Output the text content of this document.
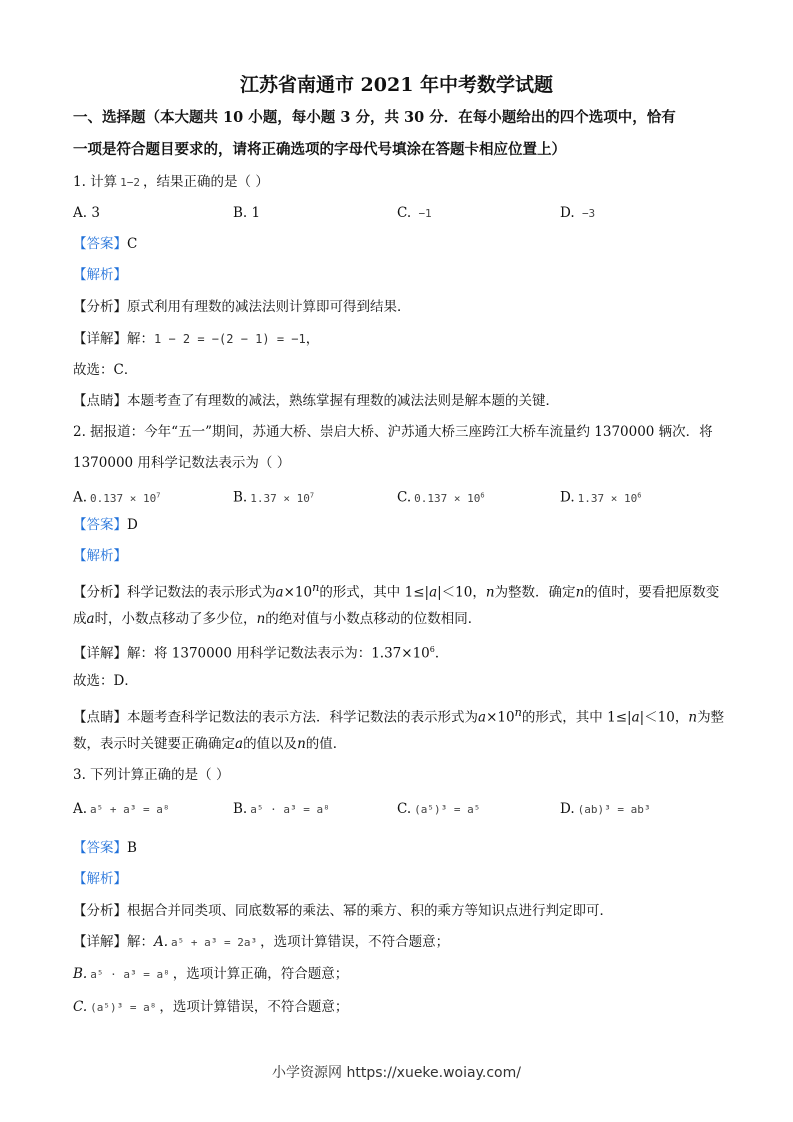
江苏省南通市 2021 年中考数学试题
一、选择题（本大题共 10 小题，每小题 3 分，共 30 分．在每小题给出的四个选项中，恰有
一项是符合题目要求的，请将正确选项的字母代号填涂在答题卡相应位置上）
1. 计算 1−2 ，结果正确的是（ ）
A. 3	B. 1	C. −1	D. −3
【答案】C
【解析】
【分析】原式利用有理数的减法法则计算即可得到结果．
【详解】解：1 − 2 = −(2 − 1) = −1，
故选：C．
【点睛】本题考查了有理数的减法，熟练掌握有理数的减法法则是解本题的关键．
2. 据报道：今年“五一”期间，苏通大桥、崇启大桥、沪苏通大桥三座跨江大桥车流量约 1370000 辆次．将
1370000 用科学记数法表示为（ ）
A. $0.137 \times 10^7$	B. $1.37 \times 10^7$	C. $0.137 \times 10^6$	D. $1.37 \times 10^6$
【答案】D
【解析】
【分析】科学记数法的表示形式为$a\times 10^n$的形式，其中 1≤|a|＜10，n为整数．确定n的值时，要看把原数变
成a时，小数点移动了多少位，n的绝对值与小数点移动的位数相同．
【详解】解：将 1370000 用科学记数法表示为：$1.37\times 10^6$．
故选：D．
【点睛】本题考查科学记数法的表示方法．科学记数法的表示形式为$a\times 10^n$的形式，其中 1≤|a|＜10，n为整
数，表示时关键要正确确定a的值以及n的值．
3. 下列计算正确的是（ ）
A. a⁵ + a³ = a⁸	B. a⁵ · a³ = a⁸	C. (a⁵)³ = a⁵	D. (ab)³ = ab³
【答案】B
【解析】
【分析】根据合并同类项、同底数幂的乘法、幂的乘方、积的乘方等知识点进行判定即可．
【详解】解：A. a⁵ + a³ = 2a³ ，选项计算错误，不符合题意；
B. a⁵ · a³ = a⁸ ，选项计算正确，符合题意；
C. (a⁵)³ = a⁸ ，选项计算错误，不符合题意；
小学资源网 https://xueke.woiay.com/
